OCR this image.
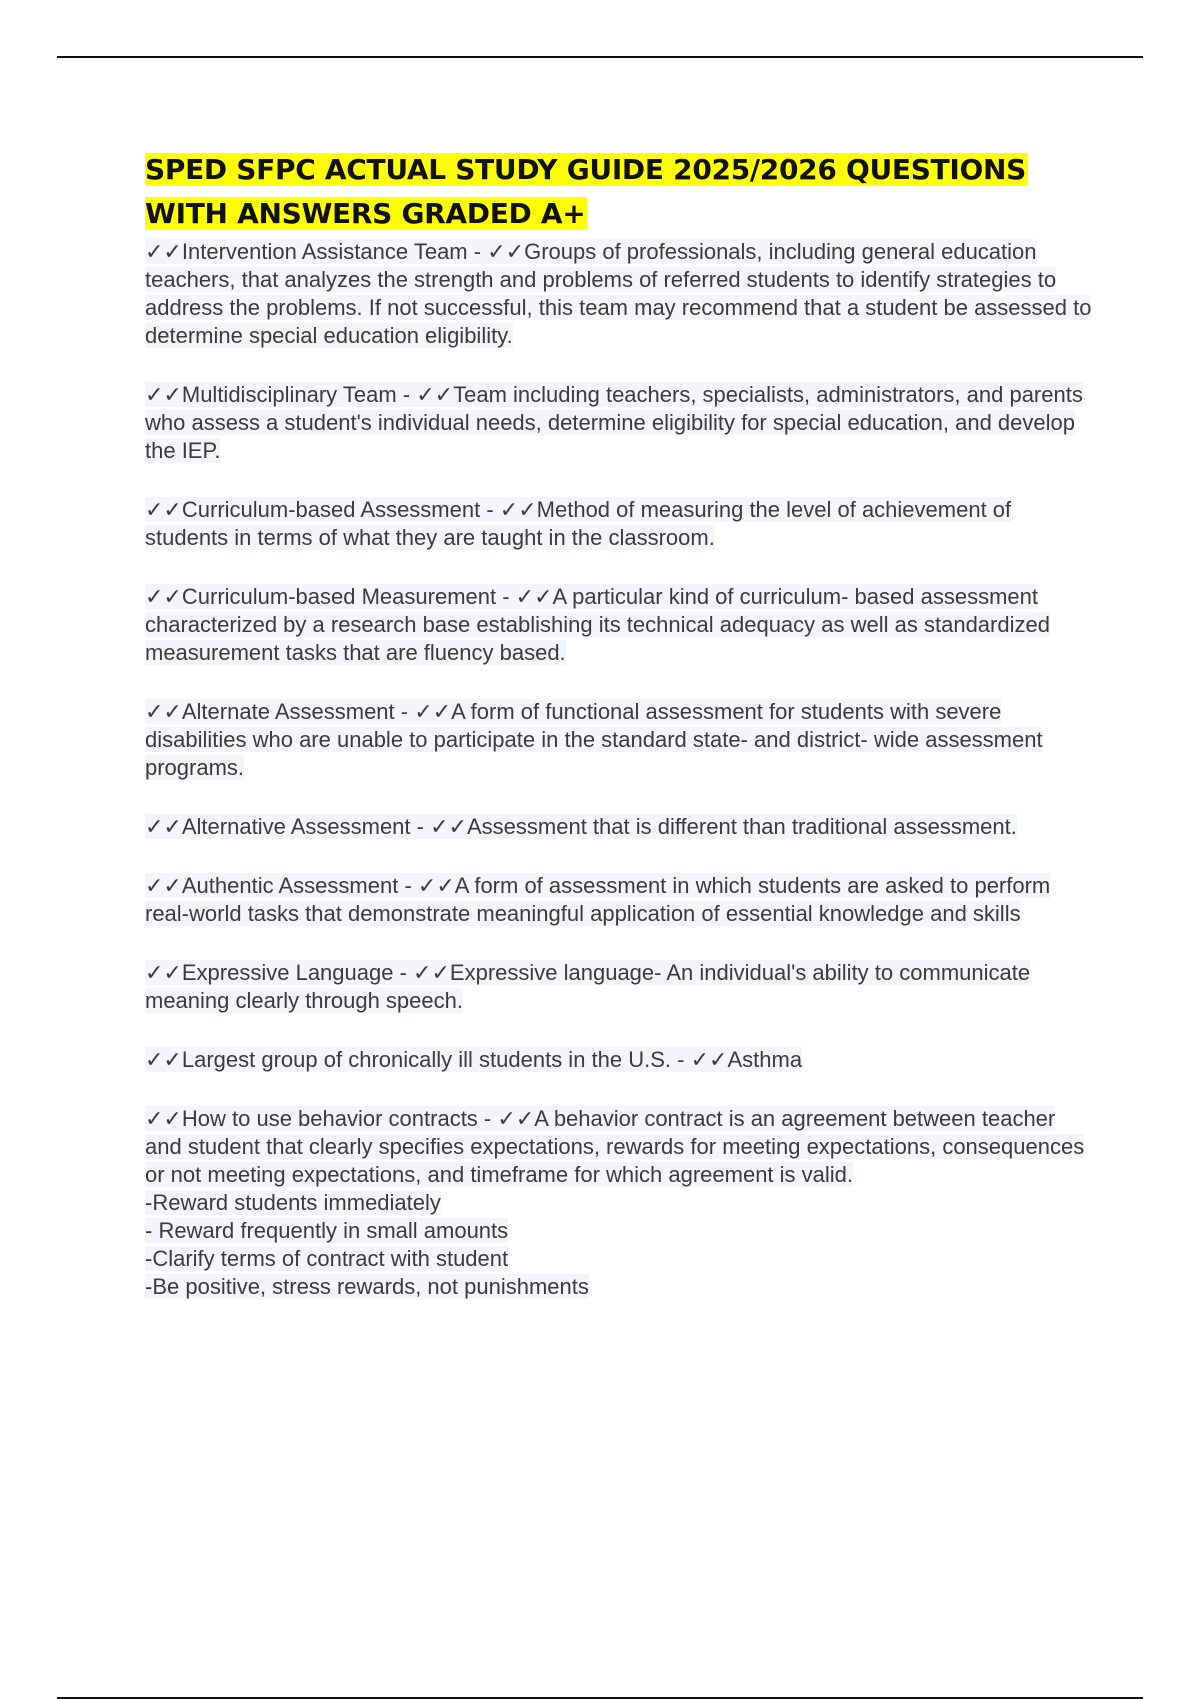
SPED SFPC ACTUAL STUDY GUIDE 2025/2026 QUESTIONS WITH ANSWERS GRADED A+
✓✓Intervention Assistance Team - ✓✓Groups of professionals, including general education teachers, that analyzes the strength and problems of referred students to identify strategies to address the problems. If not successful, this team may recommend that a student be assessed to determine special education eligibility.
✓✓Multidisciplinary Team - ✓✓Team including teachers, specialists, administrators, and parents who assess a student's individual needs, determine eligibility for special education, and develop the IEP.
✓✓Curriculum-based Assessment - ✓✓Method of measuring the level of achievement of students in terms of what they are taught in the classroom.
✓✓Curriculum-based Measurement - ✓✓A particular kind of curriculum- based assessment characterized by a research base establishing its technical adequacy as well as standardized measurement tasks that are fluency based.
✓✓Alternate Assessment - ✓✓A form of functional assessment for students with severe disabilities who are unable to participate in the standard state- and district- wide assessment programs.
✓✓Alternative Assessment - ✓✓Assessment that is different than traditional assessment.
✓✓Authentic Assessment - ✓✓A form of assessment in which students are asked to perform real-world tasks that demonstrate meaningful application of essential knowledge and skills
✓✓Expressive Language - ✓✓Expressive language- An individual's ability to communicate meaning clearly through speech.
✓✓Largest group of chronically ill students in the U.S. - ✓✓Asthma
✓✓How to use behavior contracts - ✓✓A behavior contract is an agreement between teacher and student that clearly specifies expectations, rewards for meeting expectations, consequences or not meeting expectations, and timeframe for which agreement is valid.
-Reward students immediately
- Reward frequently in small amounts
-Clarify terms of contract with student
-Be positive, stress rewards, not punishments
